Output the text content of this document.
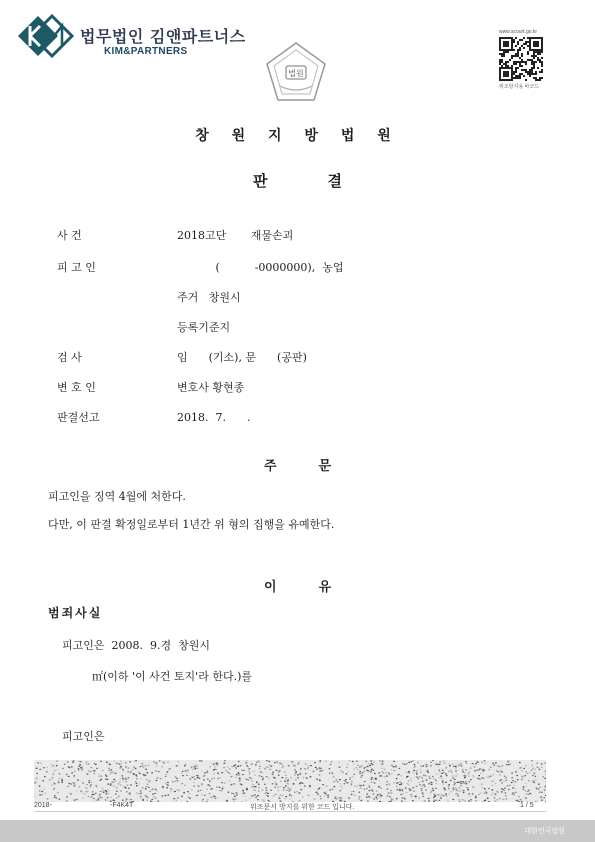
법무법인 김앤파트너스
KIM&PARTNERS
법원
www.scourt.go.kr
위조방지용 바코드
창 원 지 방 법 원
판결

사 건	2018고단       재물손괴

피 고 인	(          -0000000),  농업

주거   창원시

등록기준지

검 사	임      (기소), 문      (공판)

변 호 인	변호사 황현종

판결선고	2018.  7.      .

주문
피고인을 징역 4월에 처한다.
다만, 이 판결 확정일로부터 1년간 위 형의 집행을 유예한다.
이유
범죄사실
피고인은  2008.  9.경  창원시
㎡(이하 '이 사건 토지'라 한다.)를
피고인은
2018-	-F4K4T	위조문서 방지를 위한 코드 입니다.	1 / 5
대한민국법원
